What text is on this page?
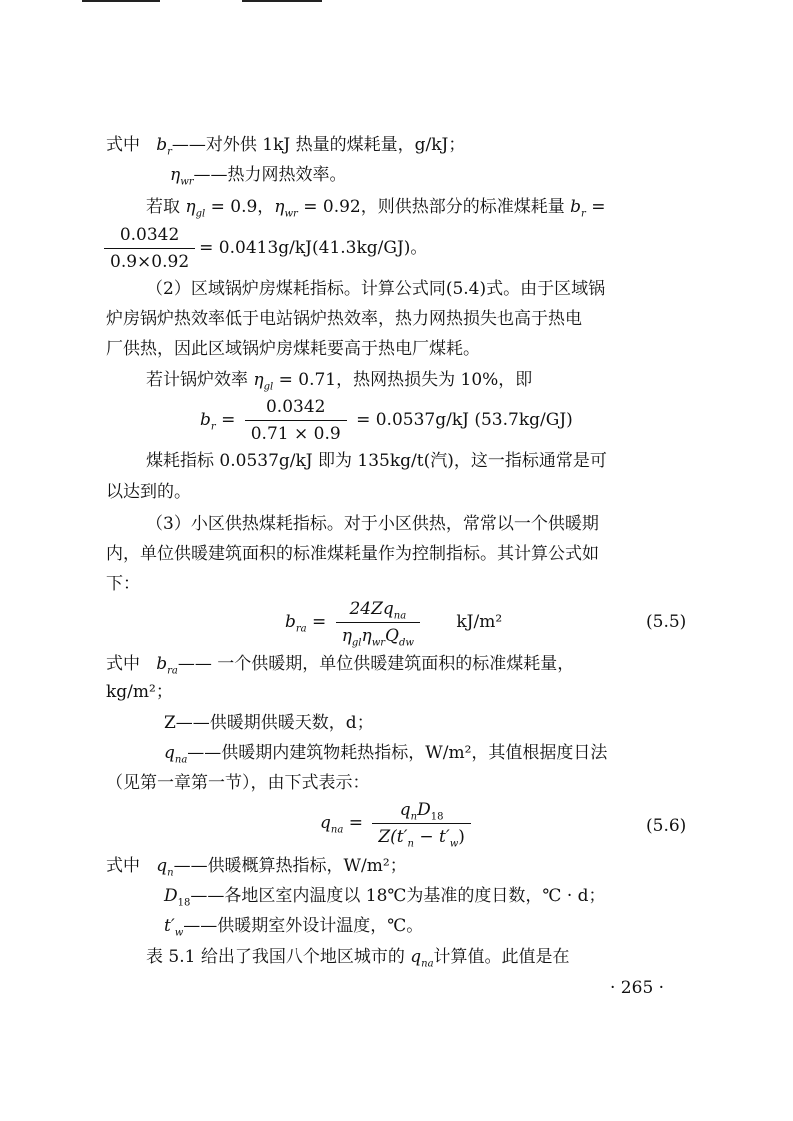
式中 $b_r——$对外供 1kJ 热量的煤耗量，g/kJ；
$\eta_{wr}——$热力网热效率。
若取 $\eta_{gl} = 0.9$，$\eta_{wr} = 0.92$，则供热部分的标准煤耗量 $b_r$ =
$\frac{0.0342}{0.9\times 0.92} = 0.0413g/kJ(41.3kg/GJ)$。
（2）区域锅炉房煤耗指标。计算公式同(5.4)式。由于区域锅
炉房锅炉热效率低于电站锅炉热效率，热力网热损失也高于热电
厂供热，因此区域锅炉房煤耗要高于热电厂煤耗。
若计锅炉效率 $\eta_{gl} = 0.71$，热网热损失为 10%，即
$b_r = \frac{0.0342}{0.71 \times 0.9} = 0.0537g/kJ$ (53.7kg/GJ)
煤耗指标 0.0537g/kJ 即为 135kg/t(汽)，这一指标通常是可
以达到的。
（3）小区供热煤耗指标。对于小区供热，常常以一个供暖期
内，单位供暖建筑面积的标准煤耗量作为控制指标。其计算公式如
下：
$b_{ra} = \frac{24Zq_{na}}{\eta_{gl}\eta_{wr}Q_{dw}} kJ/m^2$	(5.5)
式中 $b_{ra}——$ 一个供暖期，单位供暖建筑面积的标准煤耗量，
kg/m²；
Z——供暖期供暖天数，d；
$q_{na}——$供暖期内建筑物耗热指标，W/m²，其值根据度日法
（见第一章第一节），由下式表示：
$q_{na} = \frac{q_nD_{18}}{Z(t'_n - t'_w)}$	(5.6)
式中 $q_n——$供暖概算热指标，W/m²；
$D_{18}——$各地区室内温度以 18℃为基准的度日数，℃ · d；
$t'_w——$供暖期室外设计温度，℃。
表 5.1 给出了我国八个地区城市的 $q_{na}$计算值。此值是在
· 265 ·
